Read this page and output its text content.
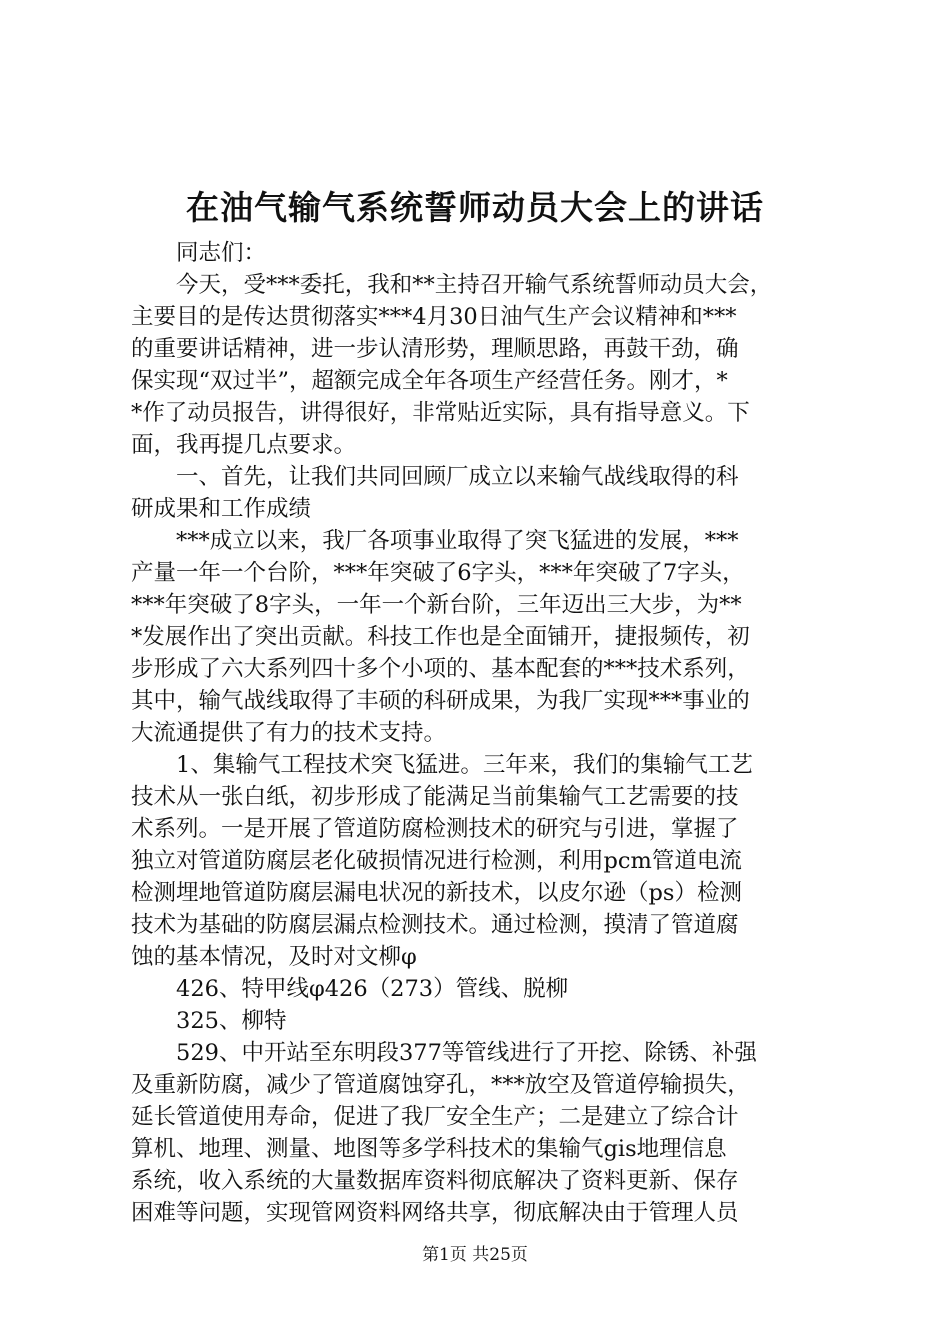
在油气输气系统誓师动员大会上的讲话
同志们：
今天，受***委托，我和**主持召开输气系统誓师动员大会，
主要目的是传达贯彻落实***4月30日油气生产会议精神和***
的重要讲话精神，进一步认清形势，理顺思路，再鼓干劲，确
保实现“双过半”，超额完成全年各项生产经营任务。刚才，*
*作了动员报告，讲得很好，非常贴近实际，具有指导意义。下
面，我再提几点要求。
一、首先，让我们共同回顾厂成立以来输气战线取得的科
研成果和工作成绩
***成立以来，我厂各项事业取得了突飞猛进的发展，***
产量一年一个台阶，***年突破了6字头，***年突破了7字头，
***年突破了8字头，一年一个新台阶，三年迈出三大步，为**
*发展作出了突出贡献。科技工作也是全面铺开，捷报频传，初
步形成了六大系列四十多个小项的、基本配套的***技术系列，
其中，输气战线取得了丰硕的科研成果，为我厂实现***事业的
大流通提供了有力的技术支持。
1、集输气工程技术突飞猛进。三年来，我们的集输气工艺
技术从一张白纸，初步形成了能满足当前集输气工艺需要的技
术系列。一是开展了管道防腐检测技术的研究与引进，掌握了
独立对管道防腐层老化破损情况进行检测，利用pcm管道电流
检测埋地管道防腐层漏电状况的新技术，以皮尔逊（ps）检测
技术为基础的防腐层漏点检测技术。通过检测，摸清了管道腐
蚀的基本情况，及时对文柳φ
426、特甲线φ426（273）管线、脱柳
325、柳特
529、中开站至东明段377等管线进行了开挖、除锈、补强
及重新防腐，减少了管道腐蚀穿孔，***放空及管道停输损失，
延长管道使用寿命，促进了我厂安全生产；二是建立了综合计
算机、地理、测量、地图等多学科技术的集输气gis地理信息
系统，收入系统的大量数据库资料彻底解决了资料更新、保存
困难等问题，实现管网资料网络共享，彻底解决由于管理人员
第1页 共25页
